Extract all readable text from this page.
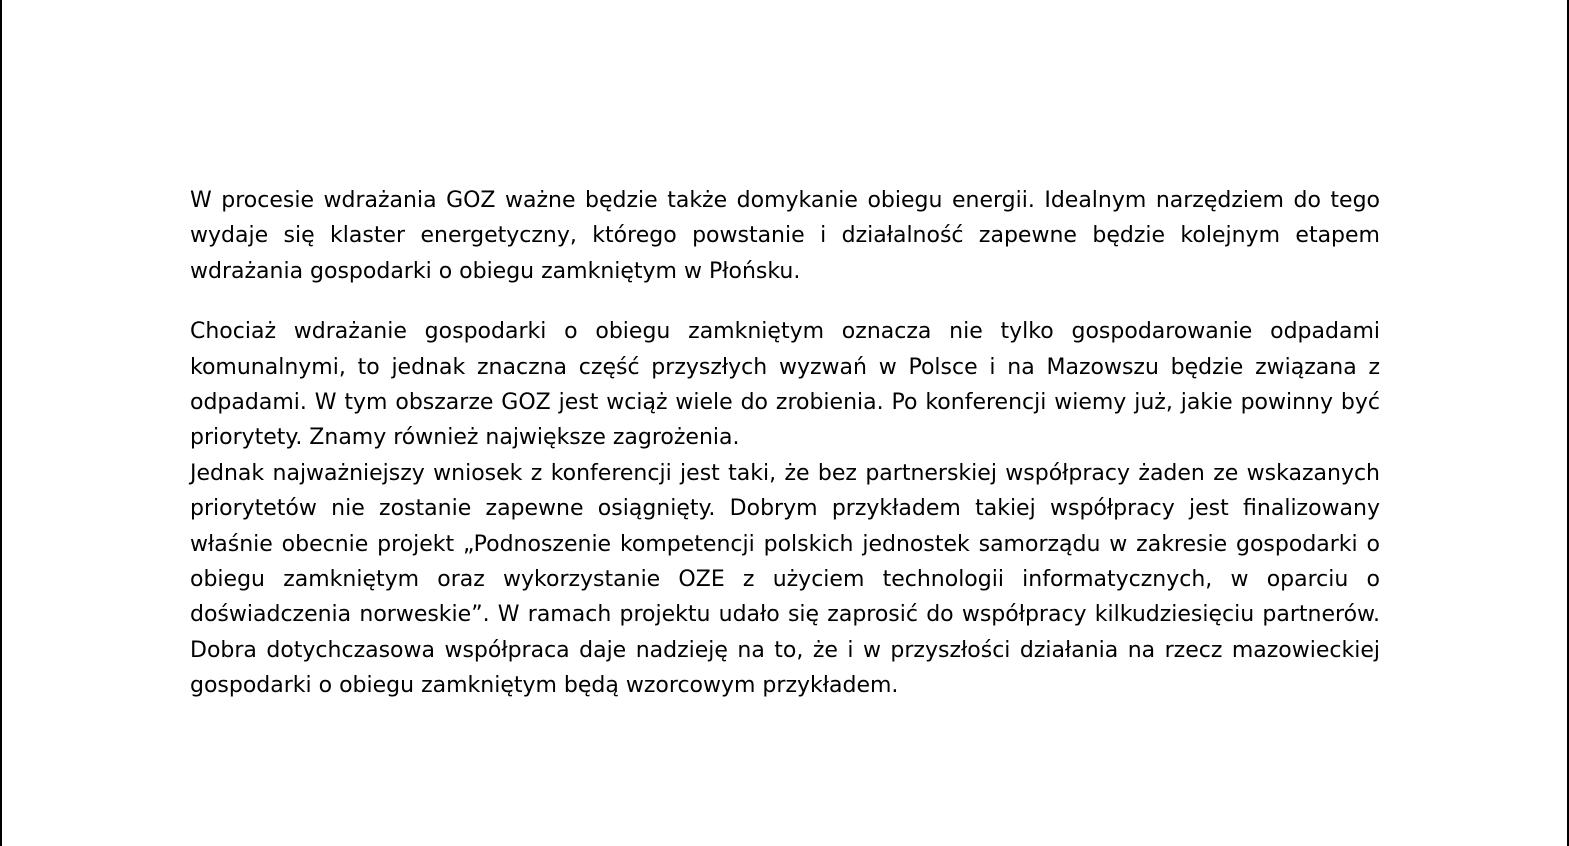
W procesie wdrażania GOZ ważne będzie także domykanie obiegu energii. Idealnym narzędziem do tego wydaje się klaster energetyczny, którego powstanie i działalność zapewne będzie kolejnym etapem wdrażania gospodarki o obiegu zamkniętym w Płońsku.

Chociaż wdrażanie gospodarki o obiegu zamkniętym oznacza nie tylko gospodarowanie odpadami komunalnymi, to jednak znaczna część przyszłych wyzwań w Polsce i na Mazowszu będzie związana z odpadami. W tym obszarze GOZ jest wciąż wiele do zrobienia. Po konferencji wiemy już, jakie powinny być priorytety. Znamy również największe zagrożenia.

Jednak najważniejszy wniosek z konferencji jest taki, że bez partnerskiej współpracy żaden ze wskazanych priorytetów nie zostanie zapewne osiągnięty. Dobrym przykładem takiej współpracy jest finalizowany właśnie obecnie projekt „Podnoszenie kompetencji polskich jednostek samorządu w zakresie gospodarki o obiegu zamkniętym oraz wykorzystanie OZE z użyciem technologii informatycznych, w oparciu o doświadczenia norweskie”. W ramach projektu udało się zaprosić do współpracy kilkudziesięciu partnerów. Dobra dotychczasowa współpraca daje nadzieję na to, że i w przyszłości działania na rzecz mazowieckiej gospodarki o obiegu zamkniętym będą wzorcowym przykładem.
